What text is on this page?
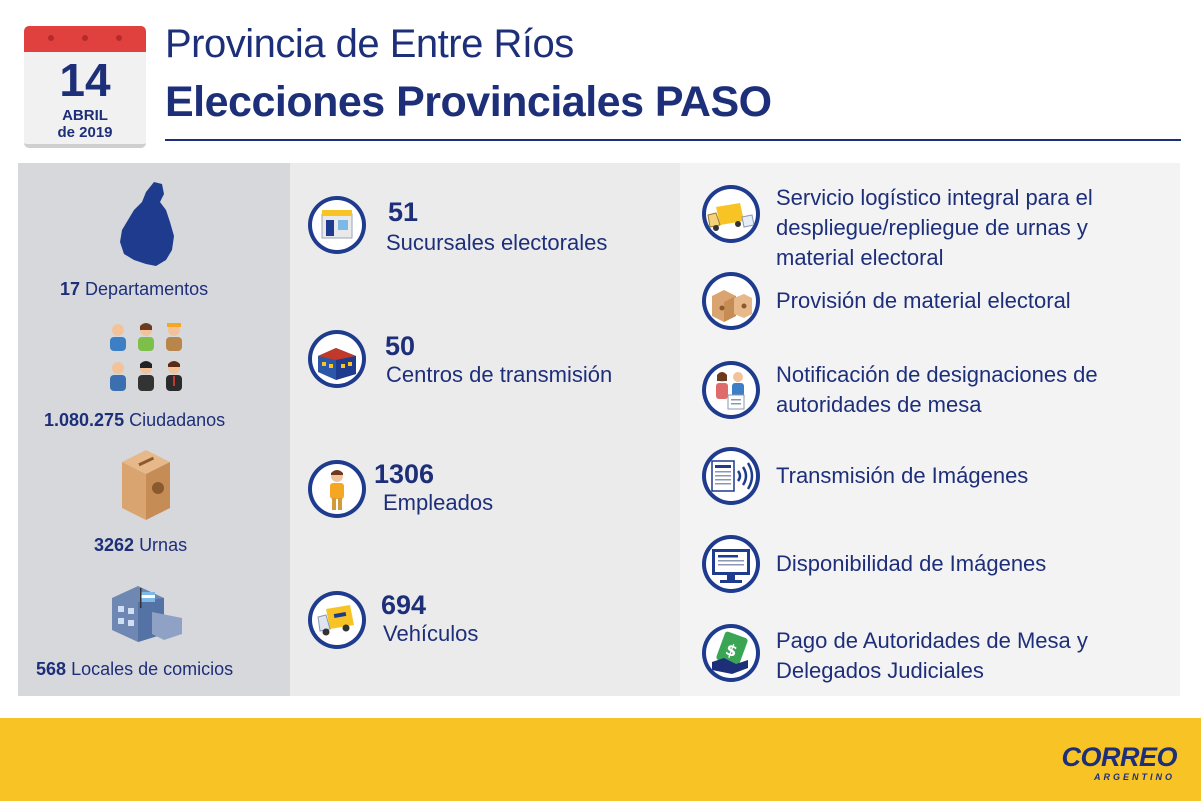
14
ABRIL
de 2019
Provincia de Entre Ríos
Elecciones Provinciales PASO
17 Departamentos
1.080.275 Ciudadanos
3262 Urnas
568 Locales de comicios
51
Sucursales electorales
50
Centros de transmisión
1306
Empleados
694
Vehículos
Servicio logístico integral para el
despliegue/repliegue de urnas y
material electoral
Provisión de material electoral
Notificación de designaciones de
autoridades de mesa
Transmisión de Imágenes
Disponibilidad de Imágenes
$ Pago de Autoridades de Mesa y
Delegados Judiciales
CORREO
ARGENTINO
